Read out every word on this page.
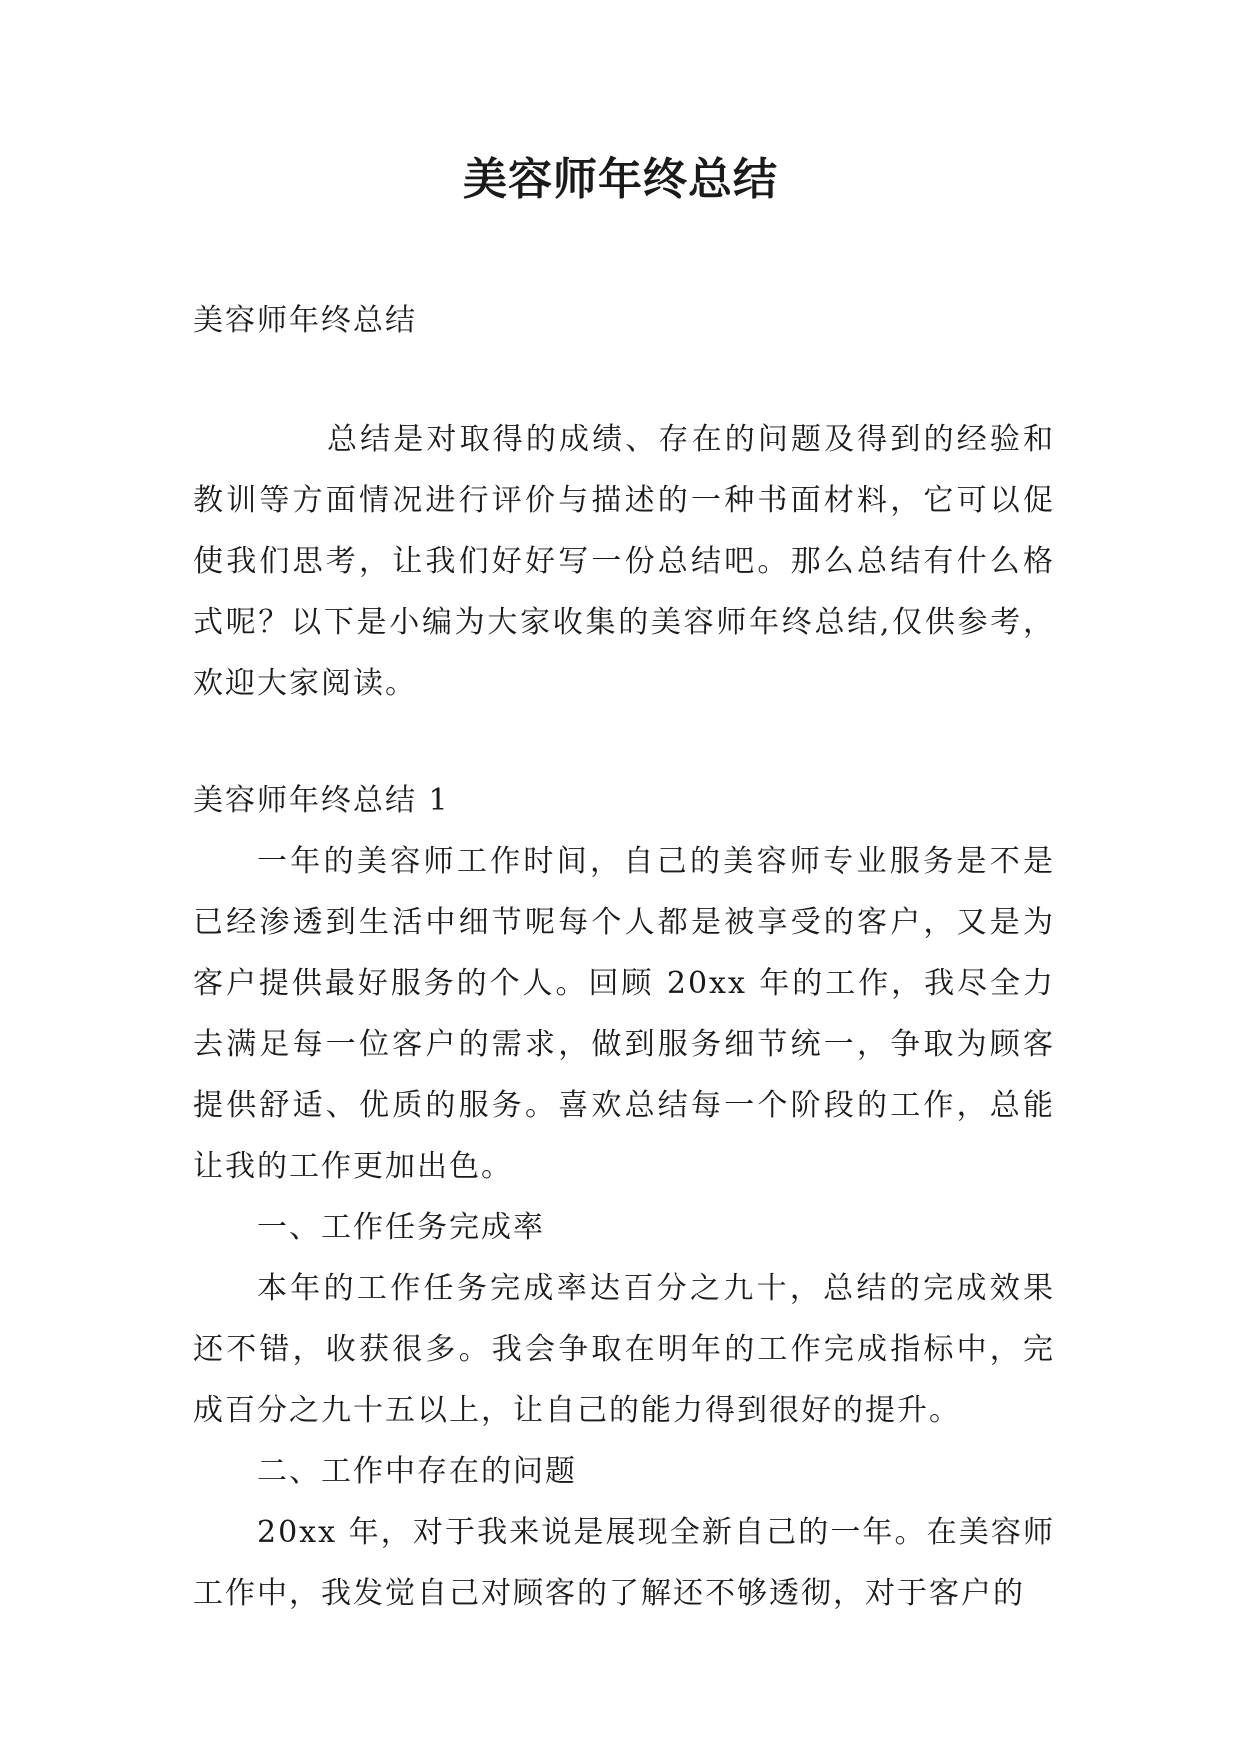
美容师年终总结

美容师年终总结

总结是对取得的成绩、存在的问题及得到的经验和教训等方面情况进行评价与描述的一种书面材料，它可以促使我们思考，让我们好好写一份总结吧。那么总结有什么格式呢？以下是小编为大家收集的美容师年终总结,仅供参考，欢迎大家阅读。

美容师年终总结 1

一年的美容师工作时间，自己的美容师专业服务是不是已经渗透到生活中细节呢每个人都是被享受的客户，又是为客户提供最好服务的个人。回顾 20xx 年的工作，我尽全力去满足每一位客户的需求，做到服务细节统一，争取为顾客提供舒适、优质的服务。喜欢总结每一个阶段的工作，总能让我的工作更加出色。

一、工作任务完成率

本年的工作任务完成率达百分之九十，总结的完成效果还不错，收获很多。我会争取在明年的工作完成指标中，完成百分之九十五以上，让自己的能力得到很好的提升。

二、工作中存在的问题

20xx 年，对于我来说是展现全新自己的一年。在美容师工作中，我发觉自己对顾客的了解还不够透彻，对于客户的
